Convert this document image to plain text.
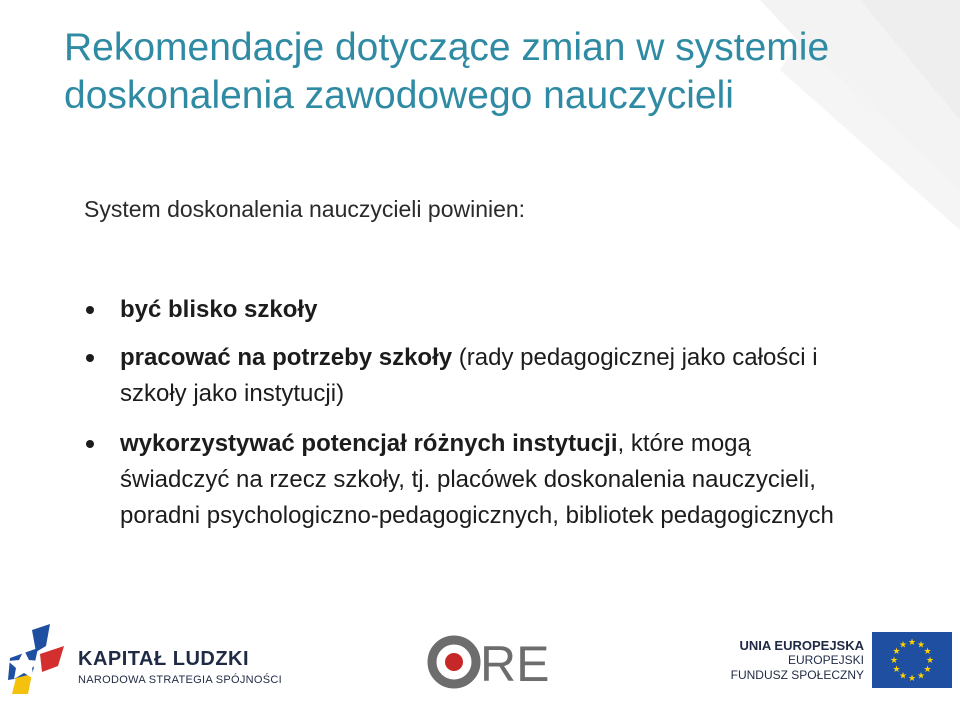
Rekomendacje dotyczące zmian w systemie
doskonalenia zawodowego nauczycieli

System doskonalenia nauczycieli powinien:

być blisko szkoły
pracować na potrzeby szkoły (rady pedagogicznej jako całości i szkoły jako instytucji)
wykorzystywać potencjał różnych instytucji, które mogą świadczyć na rzecz szkoły, tj. placówek doskonalenia nauczycieli, poradni psychologiczno-pedagogicznych, bibliotek pedagogicznych
KAPITAŁ LUDZKI
NARODOWA STRATEGIA SPÓJNOŚCI	RE	UNIA EUROPEJSKA
EUROPEJSKI
FUNDUSZ SPOŁECZNY
★ ★
★
★
★
★
★
★
★
★
★
★
